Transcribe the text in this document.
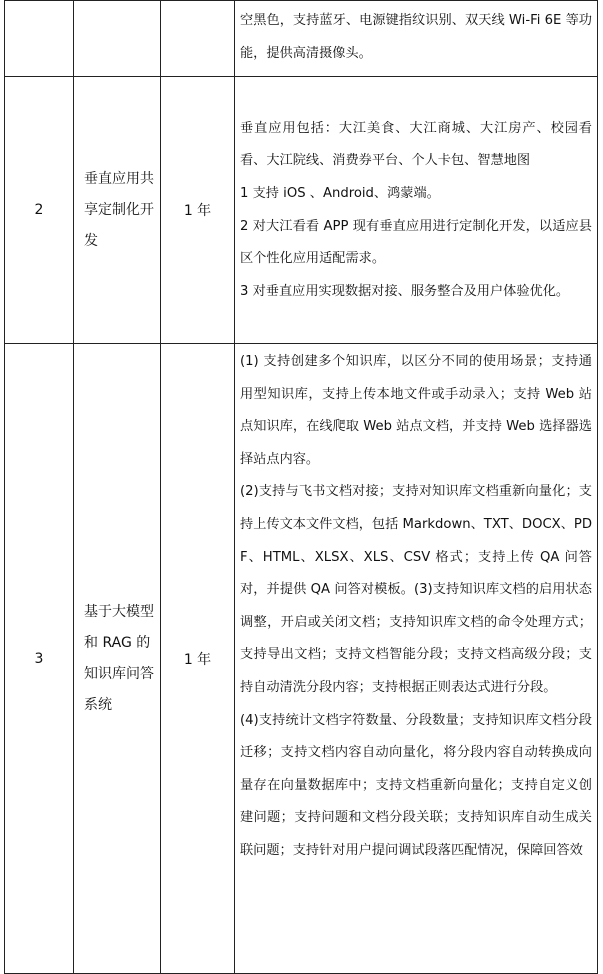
			空黑色，支持蓝牙、电源键指纹识别、双天线 Wi-Fi 6E 等功能，提供高清摄像头。

2	垂直应用共享定制化开发	1 年	垂直应用包括：大江美食、大江商城、大江房产、校园看看、大江院线、消费券平台、个人卡包、智慧地图
1 支持 iOS 、Android、鸿蒙端。
2 对大江看看 APP 现有垂直应用进行定制化开发，以适应县区个性化应用适配需求。
3 对垂直应用实现数据对接、服务整合及用户体验优化。

3	基于大模型和 RAG 的知识库问答系统	1 年	(1) 支持创建多个知识库，以区分不同的使用场景；支持通用型知识库，支持上传本地文件或手动录入；支持 Web 站点知识库，在线爬取 Web 站点文档，并支持 Web 选择器选择站点内容。
(2)支持与飞书文档对接；支持对知识库文档重新向量化；支持上传文本文件文档，包括 Markdown、TXT、DOCX、PDF、HTML、XLSX、XLS、CSV 格式；支持上传 QA 问答对，并提供 QA 问答对模板。(3)支持知识库文档的启用状态调整，开启或关闭文档；支持知识库文档的命令处理方式；支持导出文档；支持文档智能分段；支持文档高级分段；支持自动清洗分段内容；支持根据正则表达式进行分段。
(4)支持统计文档字符数量、分段数量；支持知识库文档分段迁移；支持文档内容自动向量化，将分段内容自动转换成向量存在向量数据库中；支持文档重新向量化；支持自定义创建问题；支持问题和文档分段关联；支持知识库自动生成关联问题；支持针对用户提问调试段落匹配情况，保障回答效
